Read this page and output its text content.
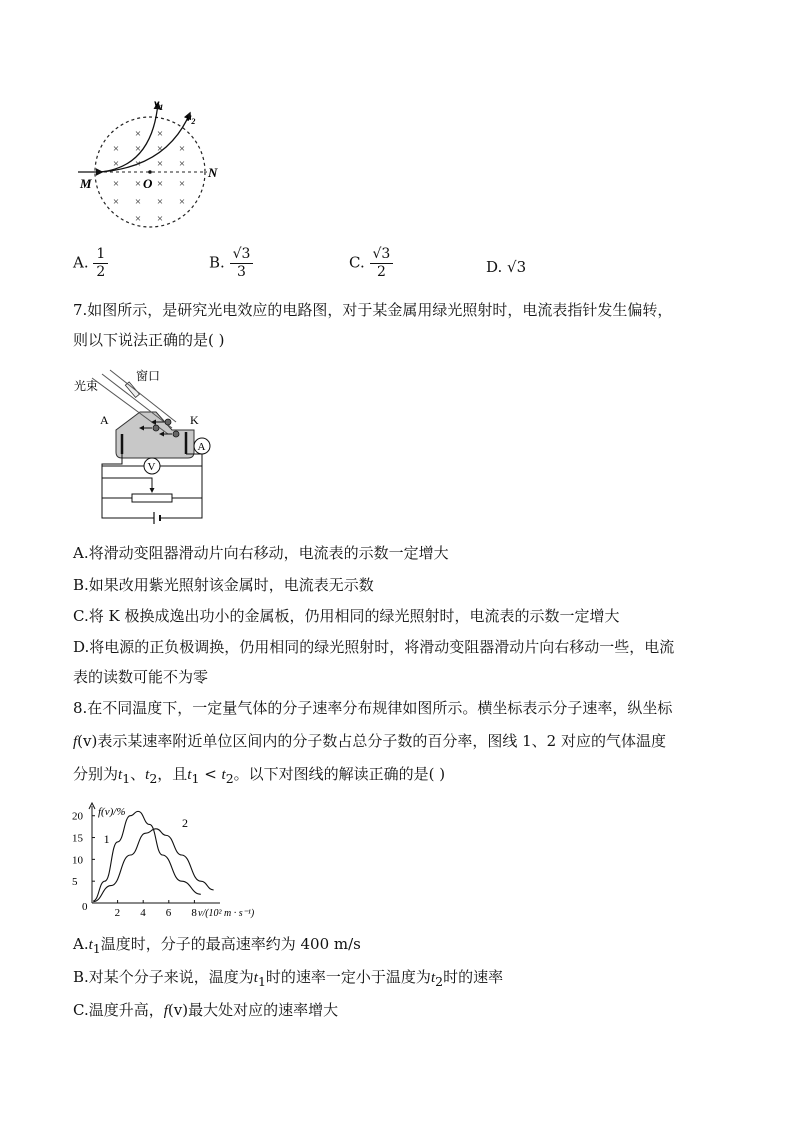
× × × ×
× × × ×
× × × ×
× × × ×
× ×
× ×
$v_1$
$v_2$
M	O
N
A. $\frac{1}{2}$	B. $\frac{√3}{3}$	C. $\frac{√3}{2}$	D. √3
7.如图所示，是研究光电效应的电路图，对于某金属用绿光照射时，电流表指针发生偏转，
则以下说法正确的是( )
光束
窗口
A	K
A
V
A.将滑动变阻器滑动片向右移动，电流表的示数一定增大
B.如果改用紫光照射该金属时，电流表无示数
C.将 K 极换成逸出功小的金属板，仍用相同的绿光照射时，电流表的示数一定增大
D.将电源的正负极调换，仍用相同的绿光照射时，将滑动变阻器滑动片向右移动一些，电流
表的读数可能不为零
8.在不同温度下，一定量气体的分子速率分布规律如图所示。横坐标表示分子速率，纵坐标
f(v)表示某速率附近单位区间内的分子数占总分子数的百分率，图线 1、2 对应的气体温度
分别为$t_1$、$t_2$，且$t_1 < t_2$。以下对图线的解读正确的是( )
f(v)/%
v/(10² m · s⁻¹)
0 2 4 6 8
20
15
10
5
1
2
$A.t_1$温度时，分子的最高速率约为 400 m/s
B.对某个分子来说，温度为$t_1$时的速率一定小于温度为$t_2$时的速率
C.温度升高，f(v)最大处对应的速率增大
